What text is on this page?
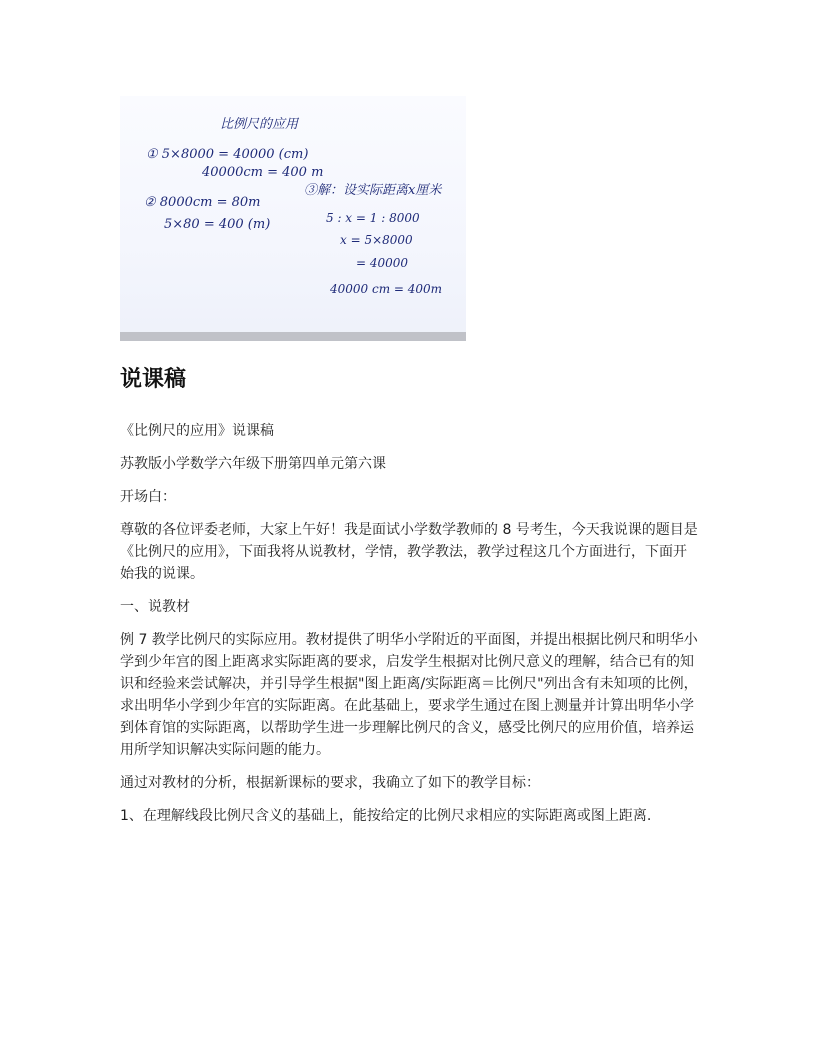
比例尺的应用
① 5×8000 = 40000 (cm)
40000cm = 400 m
② 8000cm = 80m
5×80 = 400 (m)
③解：设实际距离x厘米
5 : x = 1 : 8000
x = 5×8000
= 40000
40000 cm = 400m
说课稿

《比例尺的应用》说课稿

苏教版小学数学六年级下册第四单元第六课

开场白：

尊敬的各位评委老师，大家上午好！我是面试小学数学教师的 8 号考生，今天我说课的题目是《比例尺的应用》，下面我将从说教材，学情，教学教法，教学过程这几个方面进行，下面开始我的说课。

一、说教材

例 7 教学比例尺的实际应用。教材提供了明华小学附近的平面图，并提出根据比例尺和明华小学到少年宫的图上距离求实际距离的要求，启发学生根据对比例尺意义的理解，结合已有的知识和经验来尝试解决，并引导学生根据"图上距离/实际距离＝比例尺"列出含有未知项的比例，求出明华小学到少年宫的实际距离。在此基础上，要求学生通过在图上测量并计算出明华小学到体育馆的实际距离，以帮助学生进一步理解比例尺的含义，感受比例尺的应用价值，培养运用所学知识解决实际问题的能力。

通过对教材的分析，根据新课标的要求，我确立了如下的教学目标：

1、在理解线段比例尺含义的基础上，能按给定的比例尺求相应的实际距离或图上距离.
